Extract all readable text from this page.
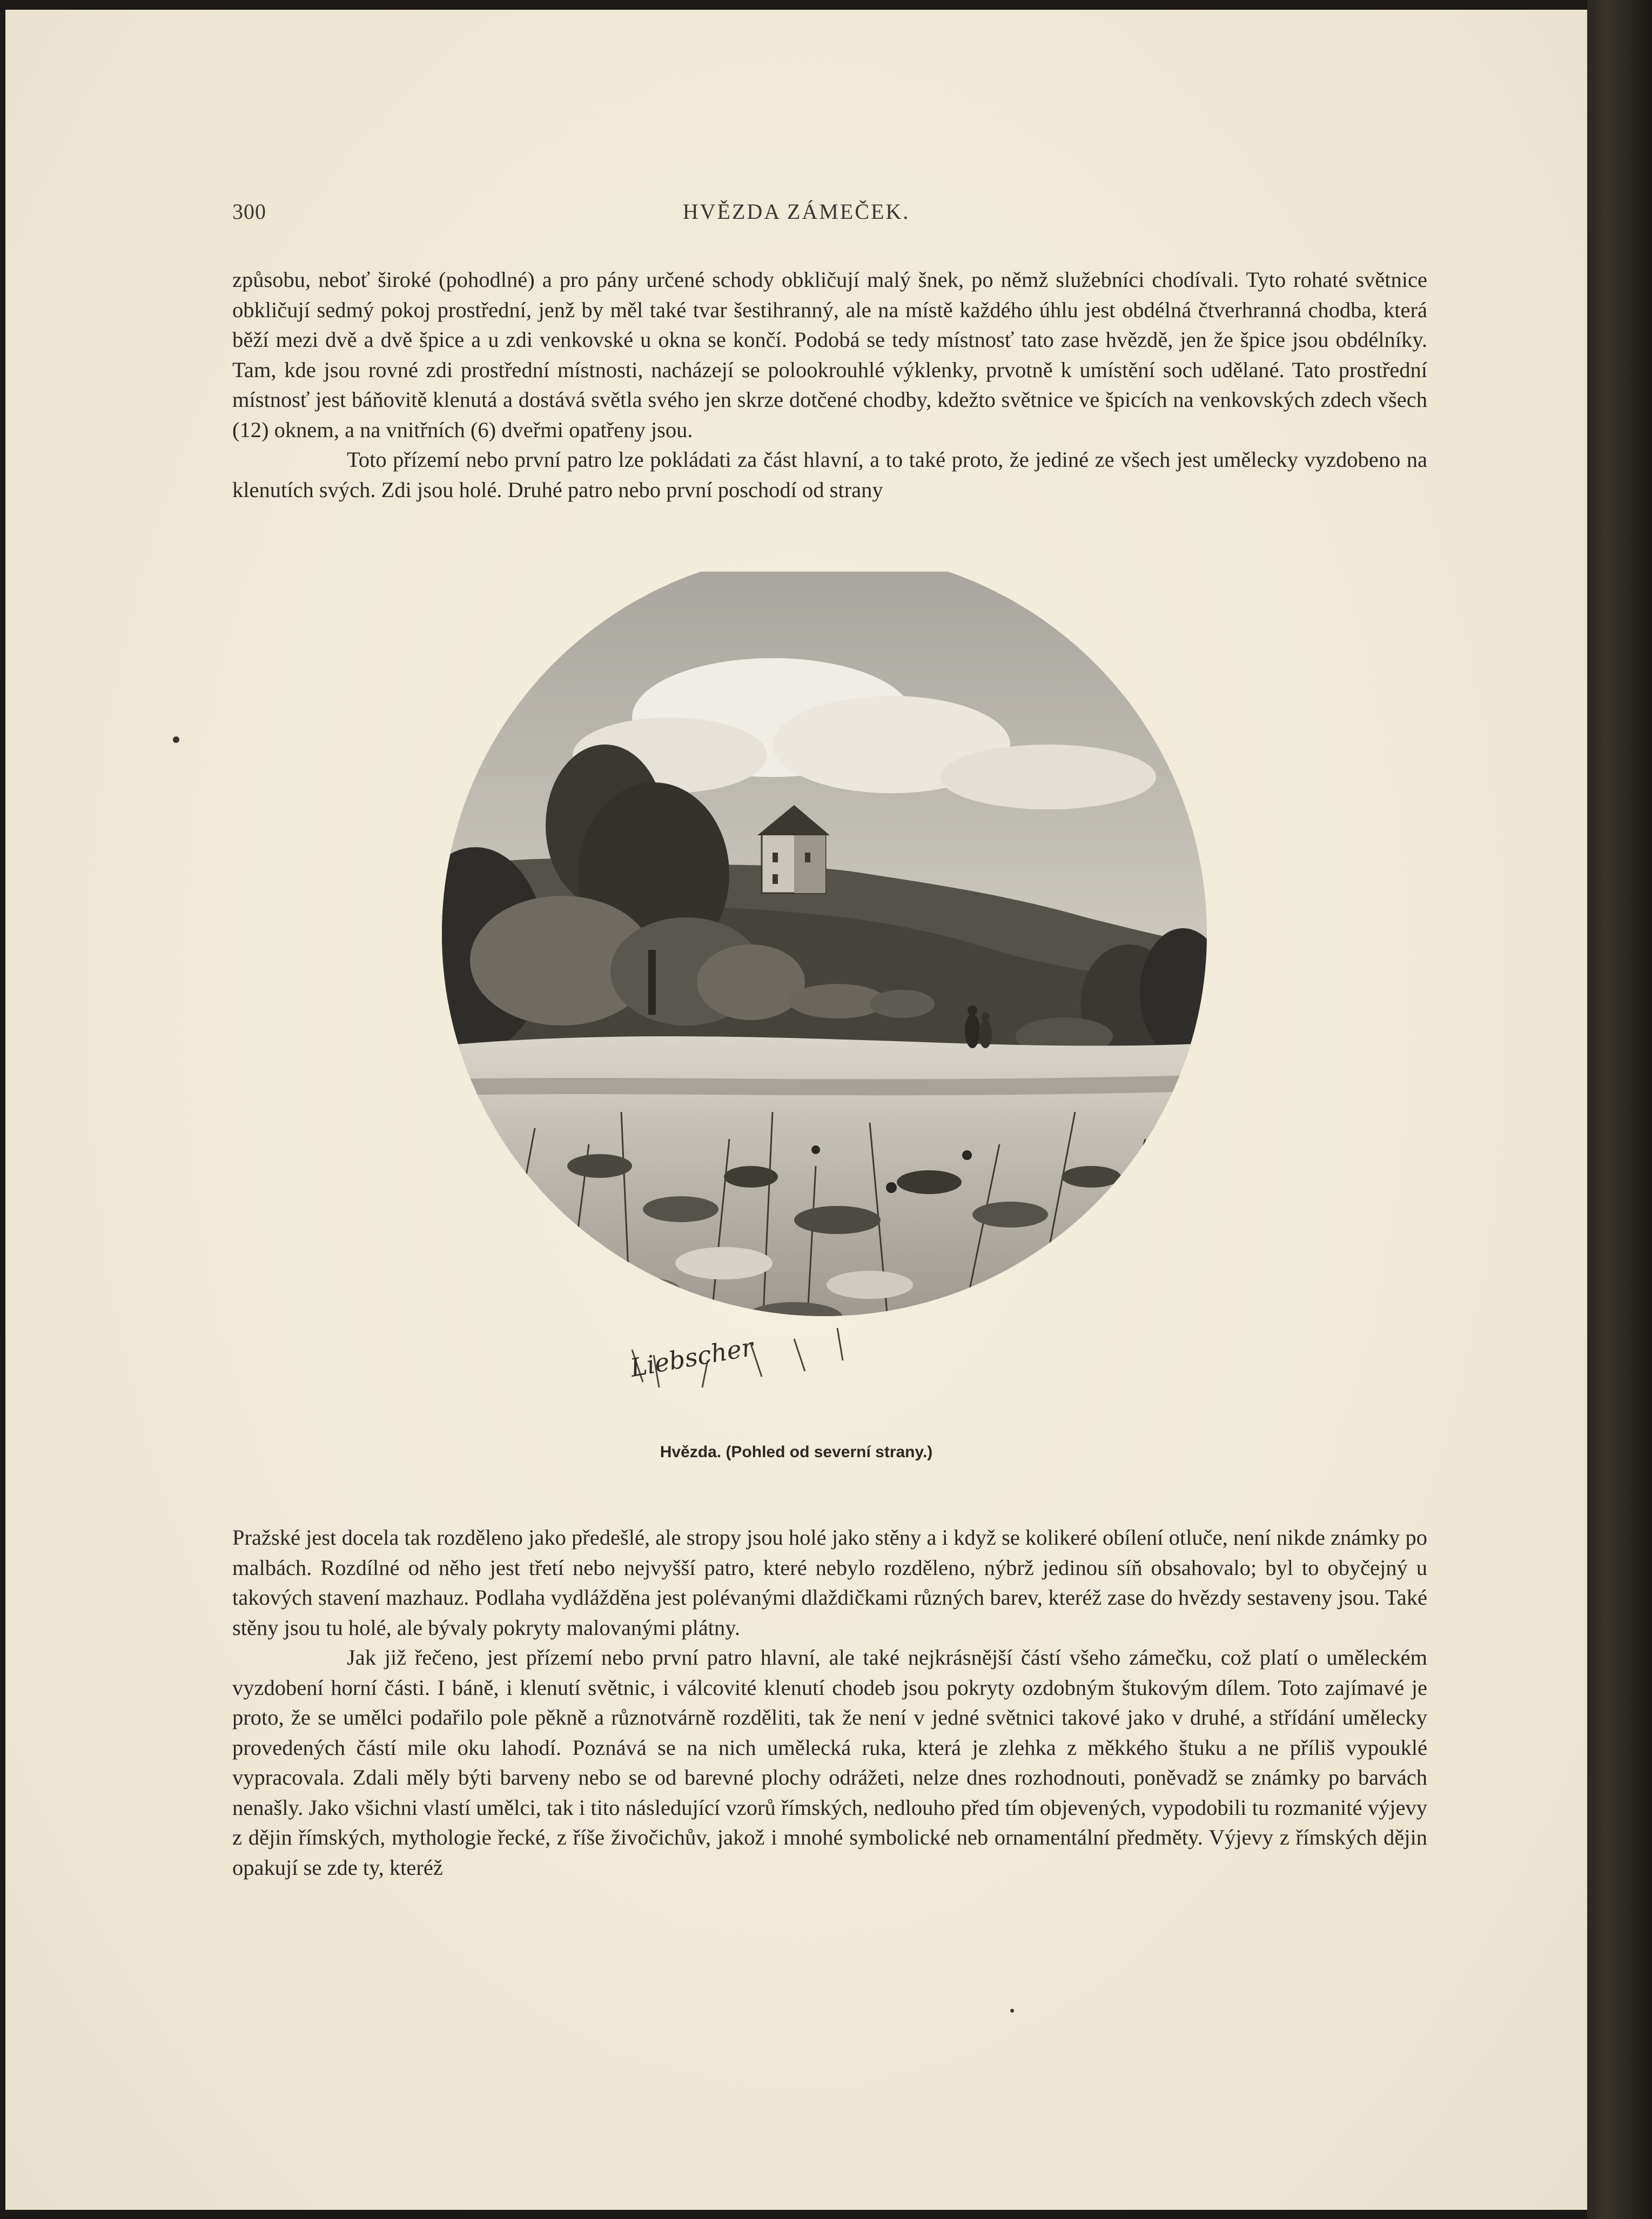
300	HVĚZDA ZÁMEČEK.

způsobu, neboť široké (pohodlné) a pro pány určené schody obkličují malý šnek, po němž služebníci chodívali. Tyto rohaté světnice obkličují sedmý pokoj prostřední, jenž by měl také tvar šestihranný, ale na místě každého úhlu jest obdélná čtverhranná chodba, která běží mezi dvě a dvě špice a u zdi venkovské u okna se končí. Podobá se tedy místnosť tato zase hvězdě, jen že špice jsou obdélníky. Tam, kde jsou rovné zdi prostřední místnosti, nacházejí se polookrouhlé výklenky, prvotně k umístění soch udělané. Tato prostřední místnosť jest báňovitě klenutá a dostává světla svého jen skrze dotčené chodby, kdežto světnice ve špicích na venkovských zdech všech (12) oknem, a na vnitřních (6) dveřmi opatřeny jsou.

Toto přízemí nebo první patro lze pokládati za část hlavní, a to také proto, že jediné ze všech jest umělecky vyzdobeno na klenutích svých. Zdi jsou holé. Druhé patro nebo první poschodí od strany

Liebscher
Hvězda. (Pohled od severní strany.)

Pražské jest docela tak rozděleno jako předešlé, ale stropy jsou holé jako stěny a i když se kolikeré obílení otluče, není nikde známky po malbách. Rozdílné od něho jest třetí nebo nejvyšší patro, které nebylo rozděleno, nýbrž jedinou síň obsahovalo; byl to obyčejný u takových stavení mazhauz. Podlaha vydlážděna jest polévanými dlaždičkami různých barev, kteréž zase do hvězdy sestaveny jsou. Také stěny jsou tu holé, ale bývaly pokryty malovanými plátny.

Jak již řečeno, jest přízemí nebo první patro hlavní, ale také nejkrásnější částí všeho zámečku, což platí o uměleckém vyzdobení horní části. I báně, i klenutí světnic, i válcovité klenutí chodeb jsou pokryty ozdobným štukovým dílem. Toto zajímavé je proto, že se umělci podařilo pole pěkně a různotvárně rozděliti, tak že není v jedné světnici takové jako v druhé, a střídání umělecky provedených částí mile oku lahodí. Poznává se na nich umělecká ruka, která je zlehka z měkkého štuku a ne příliš vypouklé vypracovala. Zdali měly býti barveny nebo se od barevné plochy odrážeti, nelze dnes rozhodnouti, poněvadž se známky po barvách nenašly. Jako všichni vlastí umělci, tak i tito následující vzorů římských, nedlouho před tím objevených, vypodobili tu rozmanité výjevy z dějin římských, mythologie řecké, z říše živočichův, jakož i mnohé symbolické neb ornamentální předměty. Výjevy z římských dějin opakují se zde ty, kteréž
